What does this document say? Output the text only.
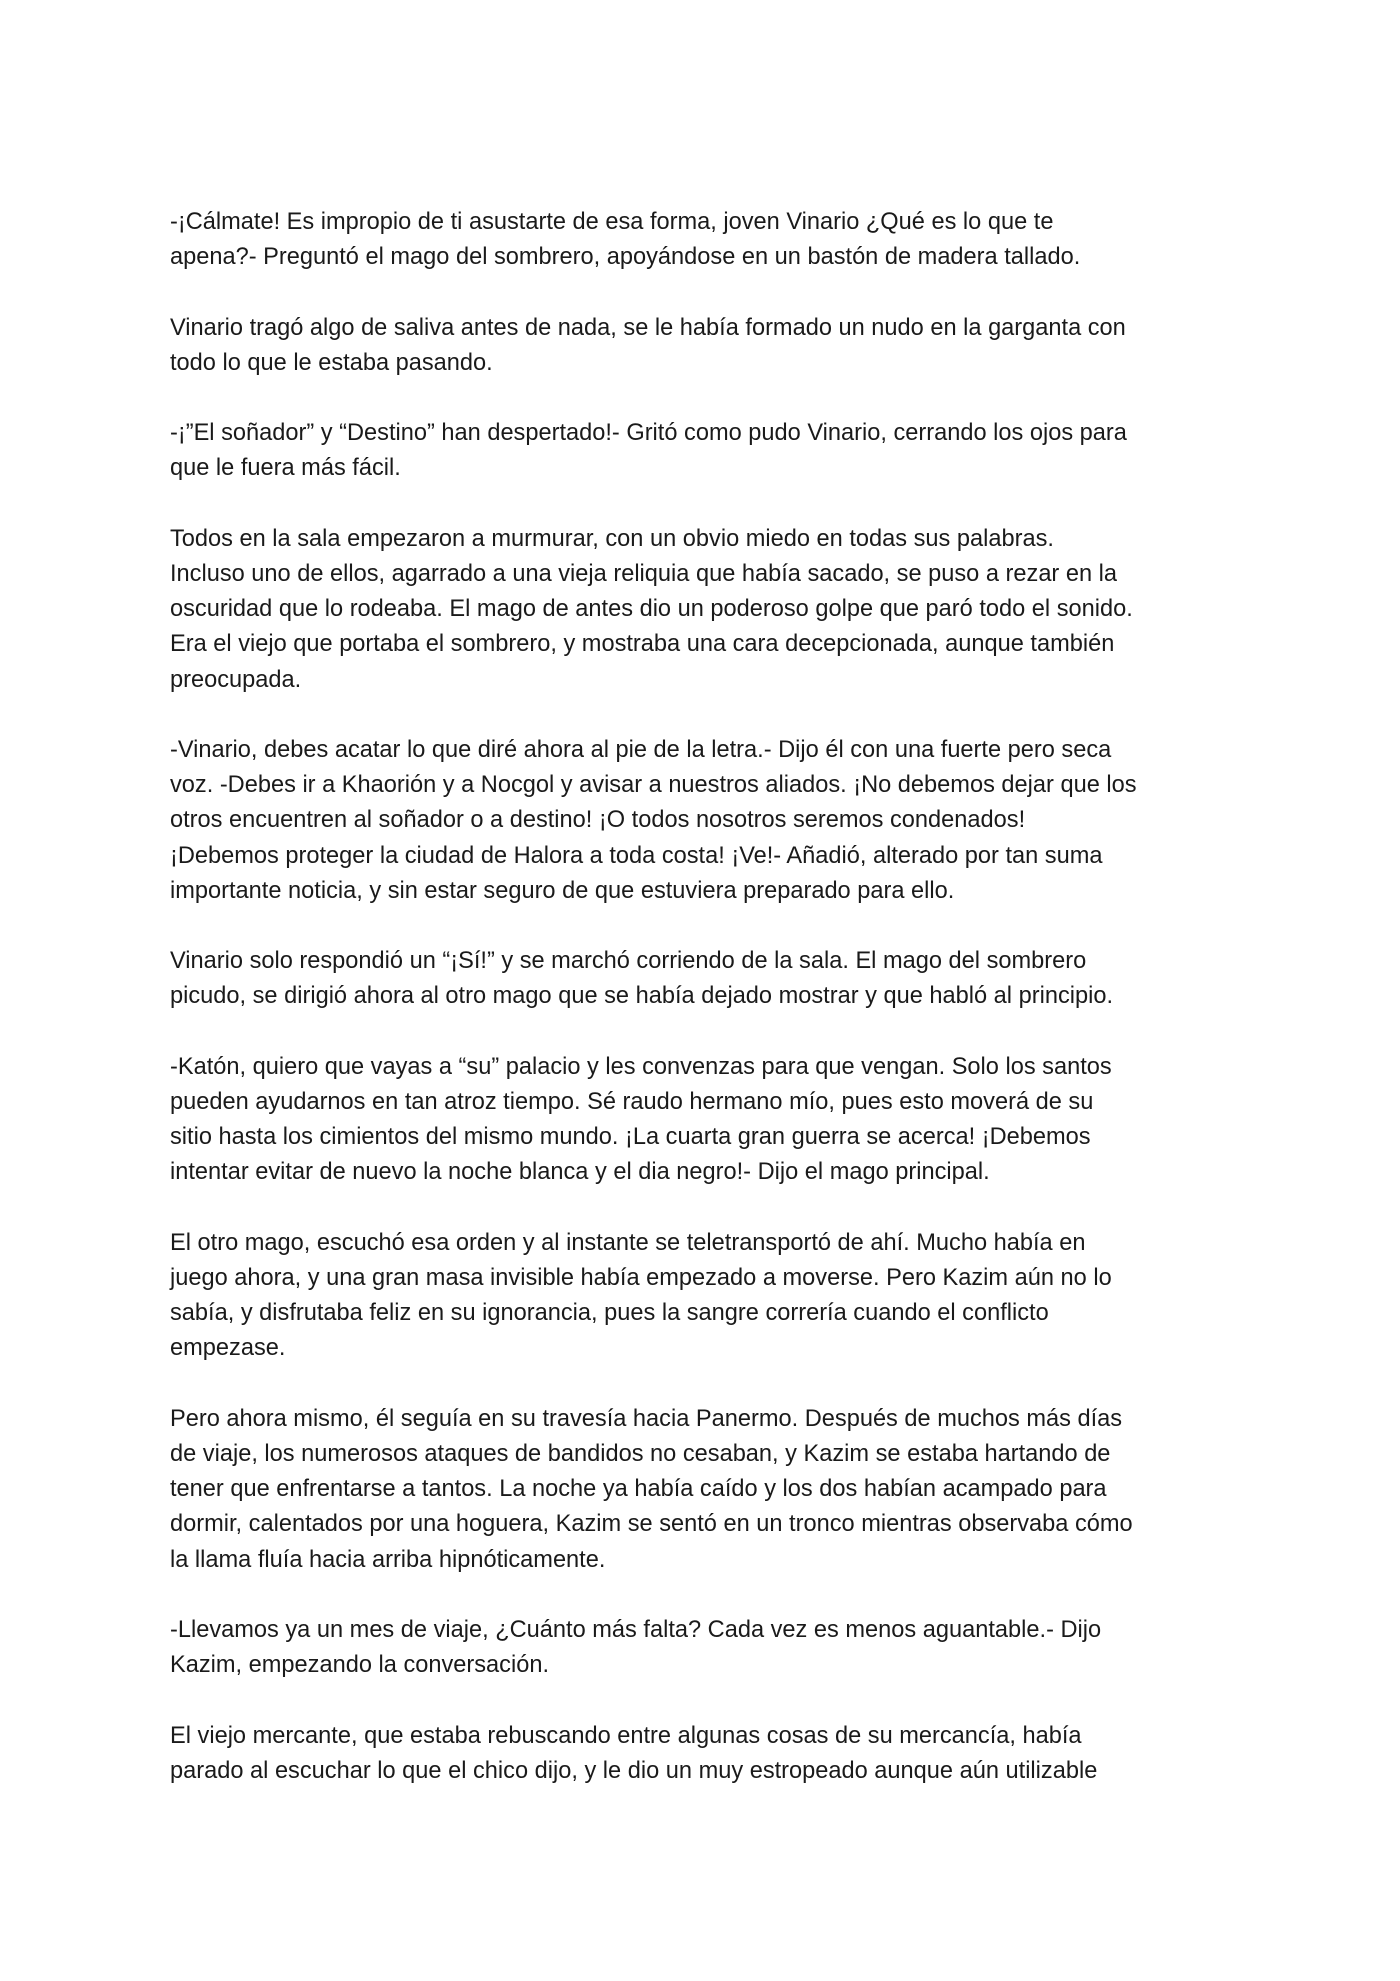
-¡Cálmate! Es impropio de ti asustarte de esa forma, joven Vinario ¿Qué es lo que te
apena?- Preguntó el mago del sombrero, apoyándose en un bastón de madera tallado.

Vinario tragó algo de saliva antes de nada, se le había formado un nudo en la garganta con
todo lo que le estaba pasando.

-¡”El soñador” y “Destino” han despertado!- Gritó como pudo Vinario, cerrando los ojos para
que le fuera más fácil.

Todos en la sala empezaron a murmurar, con un obvio miedo en todas sus palabras.
Incluso uno de ellos, agarrado a una vieja reliquia que había sacado, se puso a rezar en la
oscuridad que lo rodeaba. El mago de antes dio un poderoso golpe que paró todo el sonido.
Era el viejo que portaba el sombrero, y mostraba una cara decepcionada, aunque también
preocupada.

-Vinario, debes acatar lo que diré ahora al pie de la letra.- Dijo él con una fuerte pero seca
voz. -Debes ir a Khaorión y a Nocgol y avisar a nuestros aliados. ¡No debemos dejar que los
otros encuentren al soñador o a destino! ¡O todos nosotros seremos condenados!
¡Debemos proteger la ciudad de Halora a toda costa! ¡Ve!- Añadió, alterado por tan suma
importante noticia, y sin estar seguro de que estuviera preparado para ello.

Vinario solo respondió un “¡Sí!” y se marchó corriendo de la sala. El mago del sombrero
picudo, se dirigió ahora al otro mago que se había dejado mostrar y que habló al principio.

-Katón, quiero que vayas a “su” palacio y les convenzas para que vengan. Solo los santos
pueden ayudarnos en tan atroz tiempo. Sé raudo hermano mío, pues esto moverá de su
sitio hasta los cimientos del mismo mundo. ¡La cuarta gran guerra se acerca! ¡Debemos
intentar evitar de nuevo la noche blanca y el dia negro!- Dijo el mago principal.

El otro mago, escuchó esa orden y al instante se teletransportó de ahí. Mucho había en
juego ahora, y una gran masa invisible había empezado a moverse. Pero Kazim aún no lo
sabía, y disfrutaba feliz en su ignorancia, pues la sangre correría cuando el conflicto
empezase.

Pero ahora mismo, él seguía en su travesía hacia Panermo. Después de muchos más días
de viaje, los numerosos ataques de bandidos no cesaban, y Kazim se estaba hartando de
tener que enfrentarse a tantos. La noche ya había caído y los dos habían acampado para
dormir, calentados por una hoguera, Kazim se sentó en un tronco mientras observaba cómo
la llama fluía hacia arriba hipnóticamente.

-Llevamos ya un mes de viaje, ¿Cuánto más falta? Cada vez es menos aguantable.- Dijo
Kazim, empezando la conversación.

El viejo mercante, que estaba rebuscando entre algunas cosas de su mercancía, había
parado al escuchar lo que el chico dijo, y le dio un muy estropeado aunque aún utilizable
